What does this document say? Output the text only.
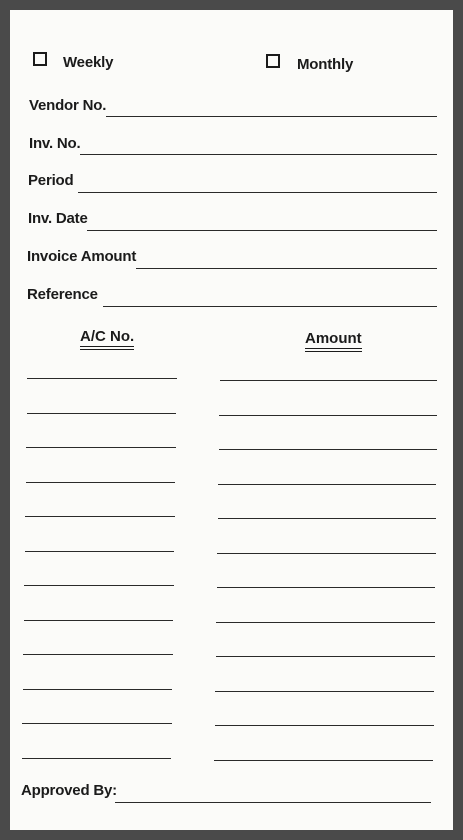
Weekly	Monthly
Vendor No.
Inv. No.
Period
Inv. Date
Invoice Amount
Reference
A/C No.	Amount
Approved By:
